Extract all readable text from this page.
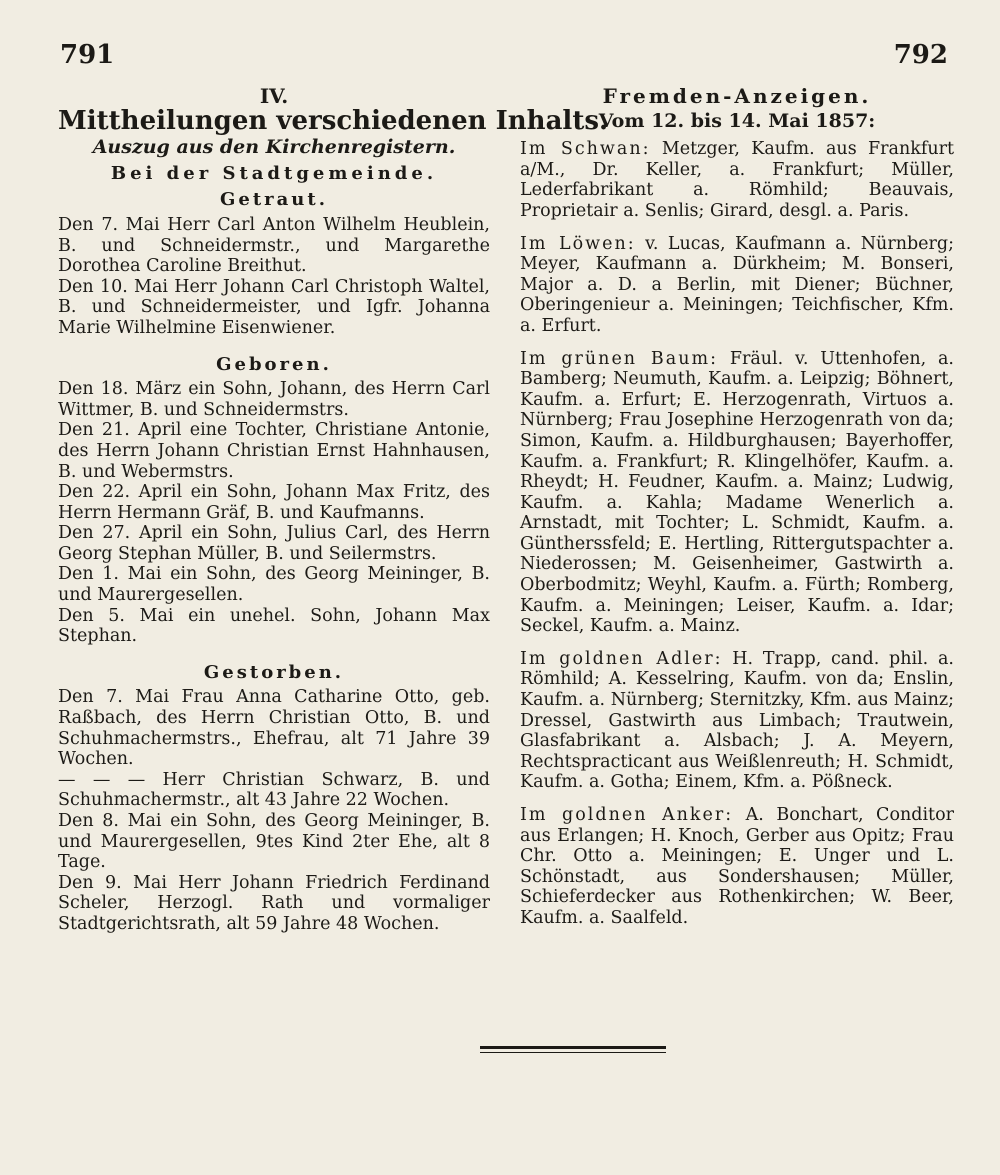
791	792
IV.
Mittheilungen verschiedenen Inhalts.
Auszug aus den Kirchenregistern.
Bei der Stadtgemeinde.
Getraut.

Den 7. Mai Herr Carl Anton Wilhelm Heublein, B. und Schneidermstr., und Margarethe Dorothea Caroline Breithut.

Den 10. Mai Herr Johann Carl Christoph Waltel, B. und Schneidermeister, und Igfr. Johanna Marie Wilhelmine Eisenwiener.

Geboren.

Den 18. März ein Sohn, Johann, des Herrn Carl Wittmer, B. und Schneidermstrs.

Den 21. April eine Tochter, Christiane Antonie, des Herrn Johann Christian Ernst Hahnhausen, B. und Webermstrs.

Den 22. April ein Sohn, Johann Max Fritz, des Herrn Hermann Gräf, B. und Kaufmanns.

Den 27. April ein Sohn, Julius Carl, des Herrn Georg Stephan Müller, B. und Seilermstrs.

Den 1. Mai ein Sohn, des Georg Meininger, B. und Maurergesellen.

Den 5. Mai ein unehel. Sohn, Johann Max Stephan.

Gestorben.

Den 7. Mai Frau Anna Catharine Otto, geb. Raßbach, des Herrn Christian Otto, B. und Schuhmachermstrs., Ehefrau, alt 71 Jahre 39 Wochen.

— — — Herr Christian Schwarz, B. und Schuhmachermstr., alt 43 Jahre 22 Wochen.

Den 8. Mai ein Sohn, des Georg Meininger, B. und Maurergesellen, 9tes Kind 2ter Ehe, alt 8 Tage.

Den 9. Mai Herr Johann Friedrich Ferdinand Scheler, Herzogl. Rath und vormaliger Stadtgerichtsrath, alt 59 Jahre 48 Wochen.

Fremden-Anzeigen.
Vom 12. bis 14. Mai 1857:

Im Schwan: Metzger, Kaufm. aus Frankfurt a/M., Dr. Keller, a. Frankfurt; Müller, Lederfabrikant a. Römhild; Beauvais, Proprietair a. Senlis; Girard, desgl. a. Paris.

Im Löwen: v. Lucas, Kaufmann a. Nürnberg; Meyer, Kaufmann a. Dürkheim; M. Bonseri, Major a. D. a Berlin, mit Diener; Büchner, Oberingenieur a. Meiningen; Teichfischer, Kfm. a. Erfurt.

Im grünen Baum: Fräul. v. Uttenhofen, a. Bamberg; Neumuth, Kaufm. a. Leipzig; Böhnert, Kaufm. a. Erfurt; E. Herzogenrath, Virtuos a. Nürnberg; Frau Josephine Herzogenrath von da; Simon, Kaufm. a. Hildburghausen; Bayerhoffer, Kaufm. a. Frankfurt; R. Klingelhöfer, Kaufm. a. Rheydt; H. Feudner, Kaufm. a. Mainz; Ludwig, Kaufm. a. Kahla; Madame Wenerlich a. Arnstadt, mit Tochter; L. Schmidt, Kaufm. a. Güntherssfeld; E. Hertling, Rittergutspachter a. Niederossen; M. Geisenheimer, Gastwirth a. Oberbodmitz; Weyhl, Kaufm. a. Fürth; Romberg, Kaufm. a. Meiningen; Leiser, Kaufm. a. Idar; Seckel, Kaufm. a. Mainz.

Im goldnen Adler: H. Trapp, cand. phil. a. Römhild; A. Kesselring, Kaufm. von da; Enslin, Kaufm. a. Nürnberg; Sternitzky, Kfm. aus Mainz; Dressel, Gastwirth aus Limbach; Trautwein, Glasfabrikant a. Alsbach; J. A. Meyern, Rechtspracticant aus Weißlenreuth; H. Schmidt, Kaufm. a. Gotha; Einem, Kfm. a. Pößneck.

Im goldnen Anker: A. Bonchart, Conditor aus Erlangen; H. Knoch, Gerber aus Opitz; Frau Chr. Otto a. Meiningen; E. Unger und L. Schönstadt, aus Sondershausen; Müller, Schieferdecker aus Rothenkirchen; W. Beer, Kaufm. a. Saalfeld.
